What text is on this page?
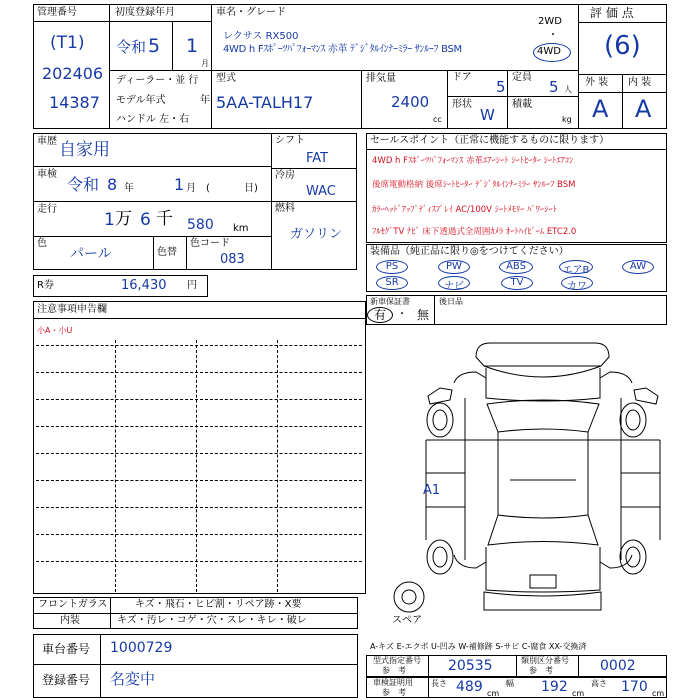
管理番号
(T1)
202406
14387
初度登録年月
令和 5 1
月
車名・グレード
レクサス RX500
4WD h Fｽﾎﾟｰﾂﾊﾟﾌｫｰﾏﾝｽ 赤革 ﾃﾞｼﾞﾀﾙｲﾝﾅｰﾐﾗｰ ｻﾝﾙｰﾌ BSM
2WD
・
4WD
評 価 点
(6)
外 装 内 装
A A
ディーラー・並 行
モデル年式	年
ハンドル 左・右
型式
5AA-TALH17
排気量
2400
cc
ドア
5
定員
5 人
形状
W
積載
kg
車歴 自家用
車検
令和 8 年	1 月 (	日)
走行
1 万 6 千 580 km
色
パール	色替
色コード
083
シフト
FAT
冷房
WAC
燃料
ガソリン
R券	16,430 円
セールスポイント（正常に機能するものに限ります）
4WD h Fｽﾎﾟｰﾂﾊﾟﾌｫｰﾏﾝｽ 赤革ｴｱｰｼｰﾄ ｼｰﾄﾋｰﾀｰ ｼｰﾄｴｱｺﾝ
後席電動格納 後席ｼｰﾄﾋｰﾀｰ ﾃﾞｼﾞﾀﾙｲﾝﾅｰﾐﾗｰ ｻﾝﾙｰﾌ BSM
ｶﾗｰﾍｯﾄﾞｱｯﾌﾟﾃﾞｨｽﾌﾟﾚｲ AC/100V ｼｰﾄﾒﾓﾘｰ ﾊﾟﾜｰｼｰﾄ
ﾌﾙｾｸﾞTV ﾅﾋﾞ 床下透過式全周囲ｶﾒﾗ ｵｰﾄﾊｲﾋﾞｰﾑ ETC2.0
装備品（純正品に限り◎をつけてください）
PS	PW	ABS	エアB	AW
SR	ナビ	TV	カワ
新車保証書
有 ・ 無
後日品
注意事項申告欄
小A・小U
A1
スペア
フロントガラス	キズ・飛石・ヒビ割・リペア跡・X要
内装	キズ・汚レ・コゲ・穴・スレ・キレ・破レ
車台番号 1000729
登録番号 名変中
A-キズ E-エクボ U-凹み W-補修跡 S-サビ C-腐食 XX-交換済
型式指定番号
参　考	20535	類別区分番号
参　考	0002
車検証明用
参　考
長さ 489 cm
幅 192 cm
高さ 170 cm
